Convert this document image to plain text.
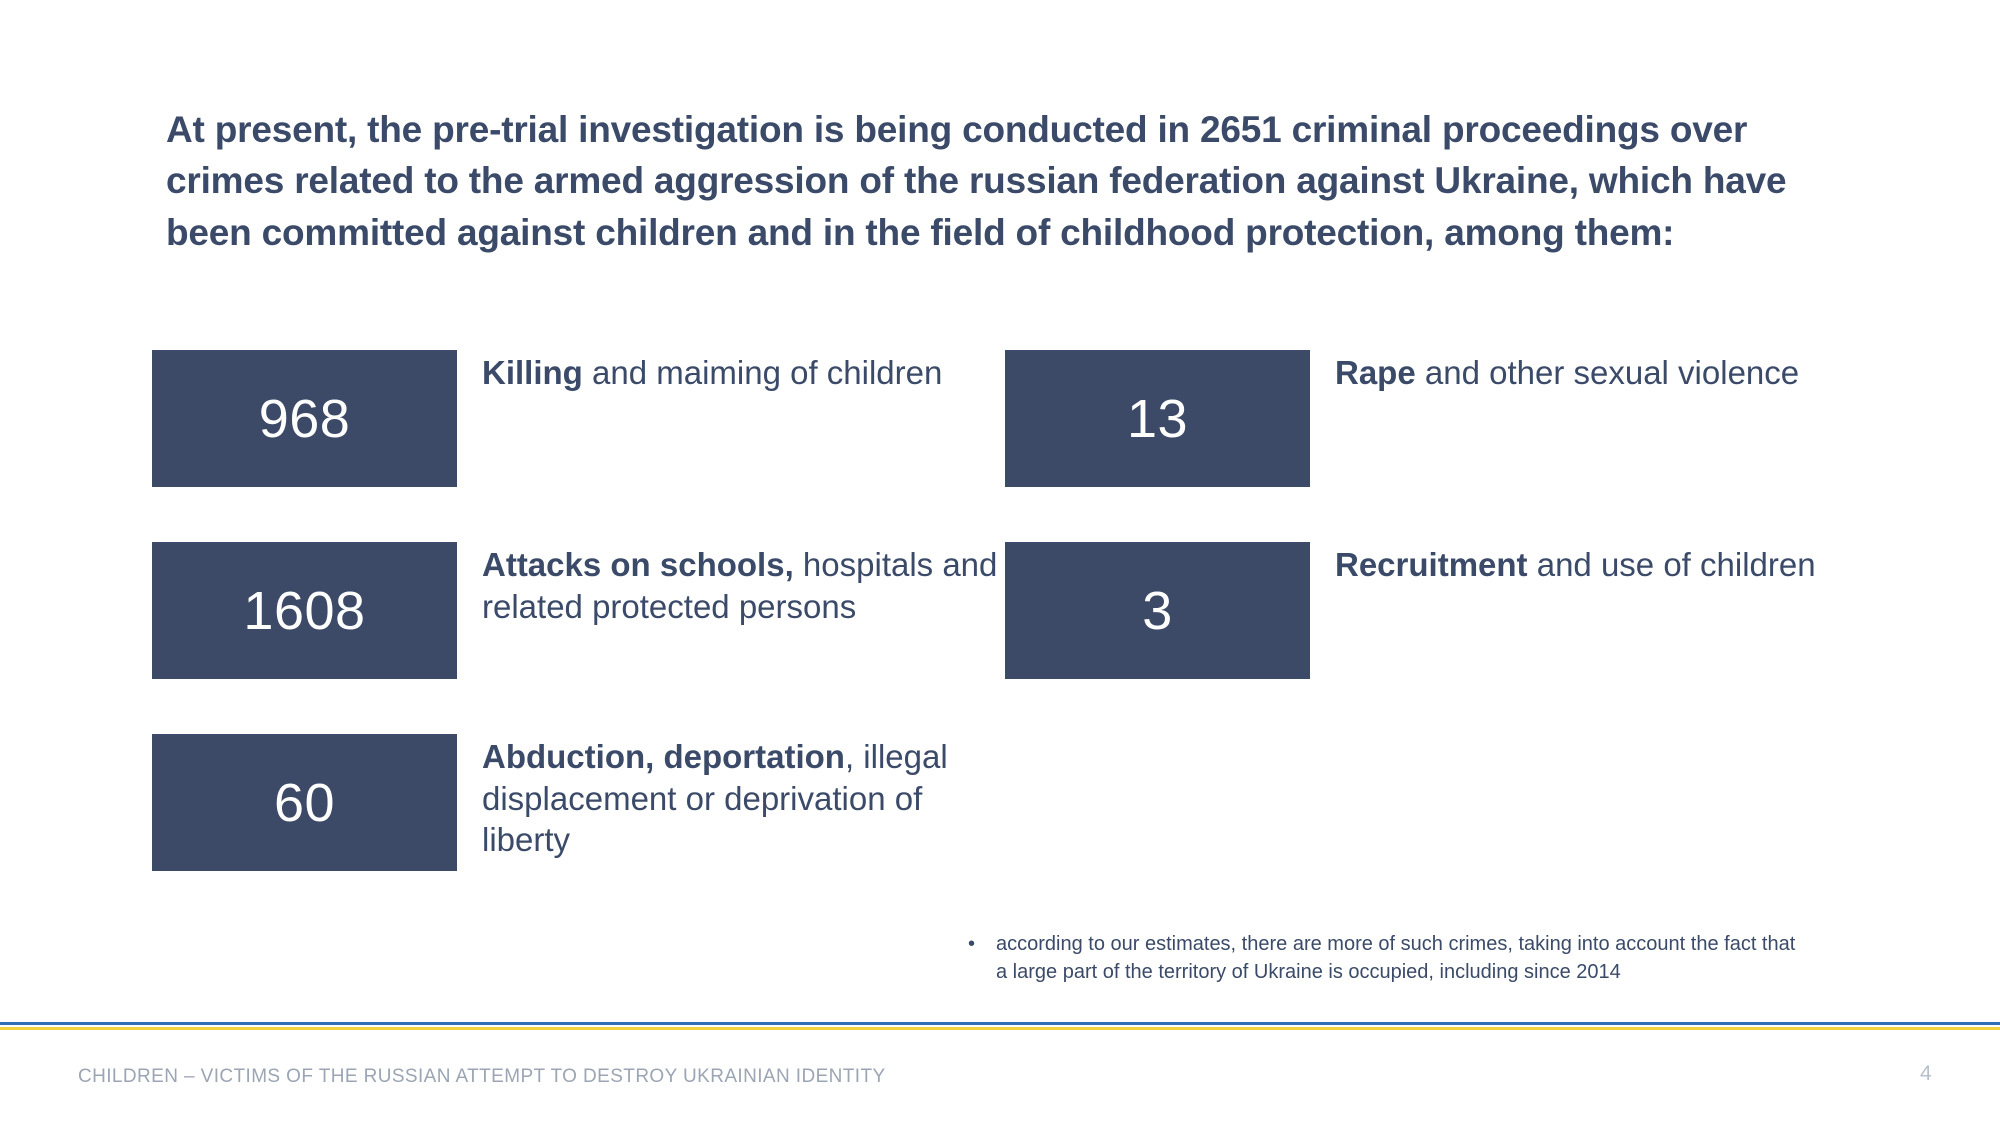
At present, the pre-trial investigation is being conducted in 2651 criminal proceedings over crimes related to the armed aggression of the russian federation against Ukraine, which have been committed against children and in the field of childhood protection, among them:
968
Killing and maiming of children
1608
Attacks on schools, hospitals and related protected persons
60
Abduction, deportation, illegal displacement or deprivation of liberty
13
Rape and other sexual violence
3
Recruitment and use of children
•	according to our estimates, there are more of such crimes, taking into account the fact that a large part of the territory of Ukraine is occupied, including since 2014
CHILDREN – VICTIMS OF THE RUSSIAN ATTEMPT TO DESTROY UKRAINIAN IDENTITY	4
